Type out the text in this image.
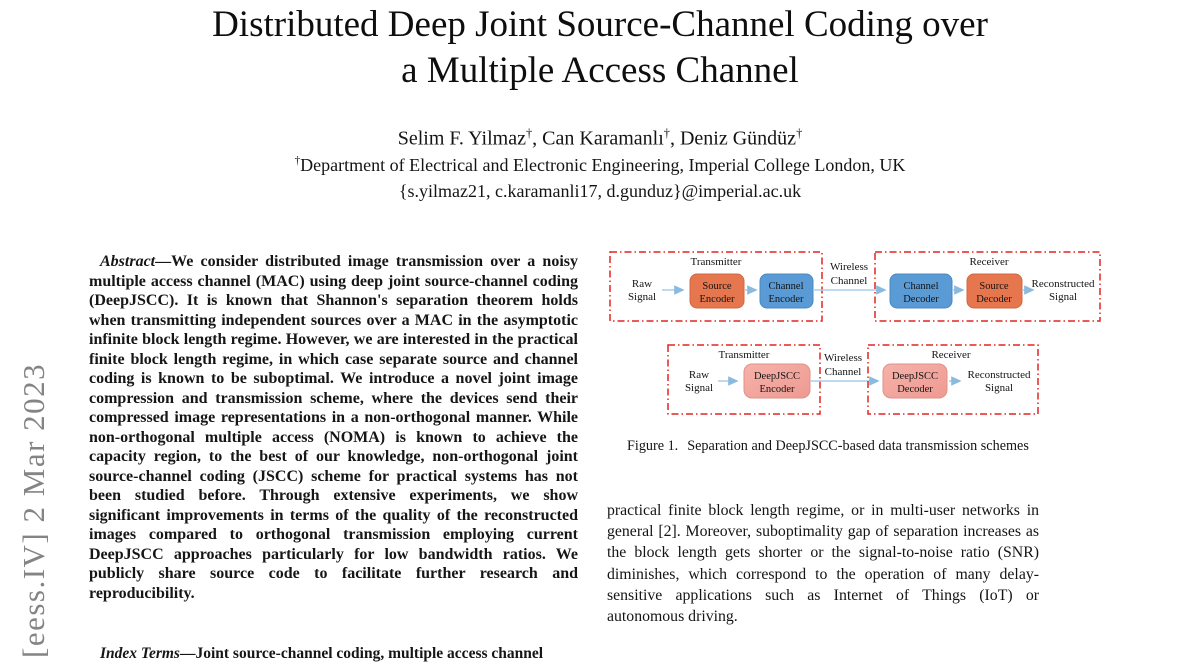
[eess.IV] 2 Mar 2023
Distributed Deep Joint Source-Channel Coding over
a Multiple Access Channel
Selim F. Yilmaz†, Can Karamanlı†, Deniz Gündüz†
†Department of Electrical and Electronic Engineering, Imperial College London, UK
{s.yilmaz21, c.karamanli17, d.gunduz}@imperial.ac.uk

Abstract—We consider distributed image transmission over a noisy multiple access channel (MAC) using deep joint source-channel coding (DeepJSCC). It is known that Shannon's separation theorem holds when transmitting independent sources over a MAC in the asymptotic infinite block length regime. However, we are interested in the practical finite block length regime, in which case separate source and channel coding is known to be suboptimal. We introduce a novel joint image compression and transmission scheme, where the devices send their compressed image representations in a non-orthogonal manner. While non-orthogonal multiple access (NOMA) is known to achieve the capacity region, to the best of our knowledge, non-orthogonal joint source-channel coding (JSCC) scheme for practical systems has not been studied before. Through extensive experiments, we show significant improvements in terms of the quality of the reconstructed images compared to orthogonal transmission employing current DeepJSCC approaches particularly for low bandwidth ratios. We publicly share source code to facilitate further research and reproducibility.

Index Terms—Joint source-channel coding, multiple access channel
Transmitter
Raw
Signal
Source
Encoder
Channel
Encoder
Wireless
Channel
Receiver
Channel
Decoder
Source
Decoder
Reconstructed
Signal
Transmitter
Raw
Signal
DeepJSCC
Encoder
Wireless
Channel
Receiver
DeepJSCC
Decoder
Reconstructed
Signal
Figure 1. Separation and DeepJSCC-based data transmission schemes

practical finite block length regime, or in multi-user networks in general [2]. Moreover, suboptimality gap of separation increases as the block length gets shorter or the signal-to-noise ratio (SNR) diminishes, which correspond to the operation of many delay-sensitive applications such as Internet of Things (IoT) or autonomous driving.
